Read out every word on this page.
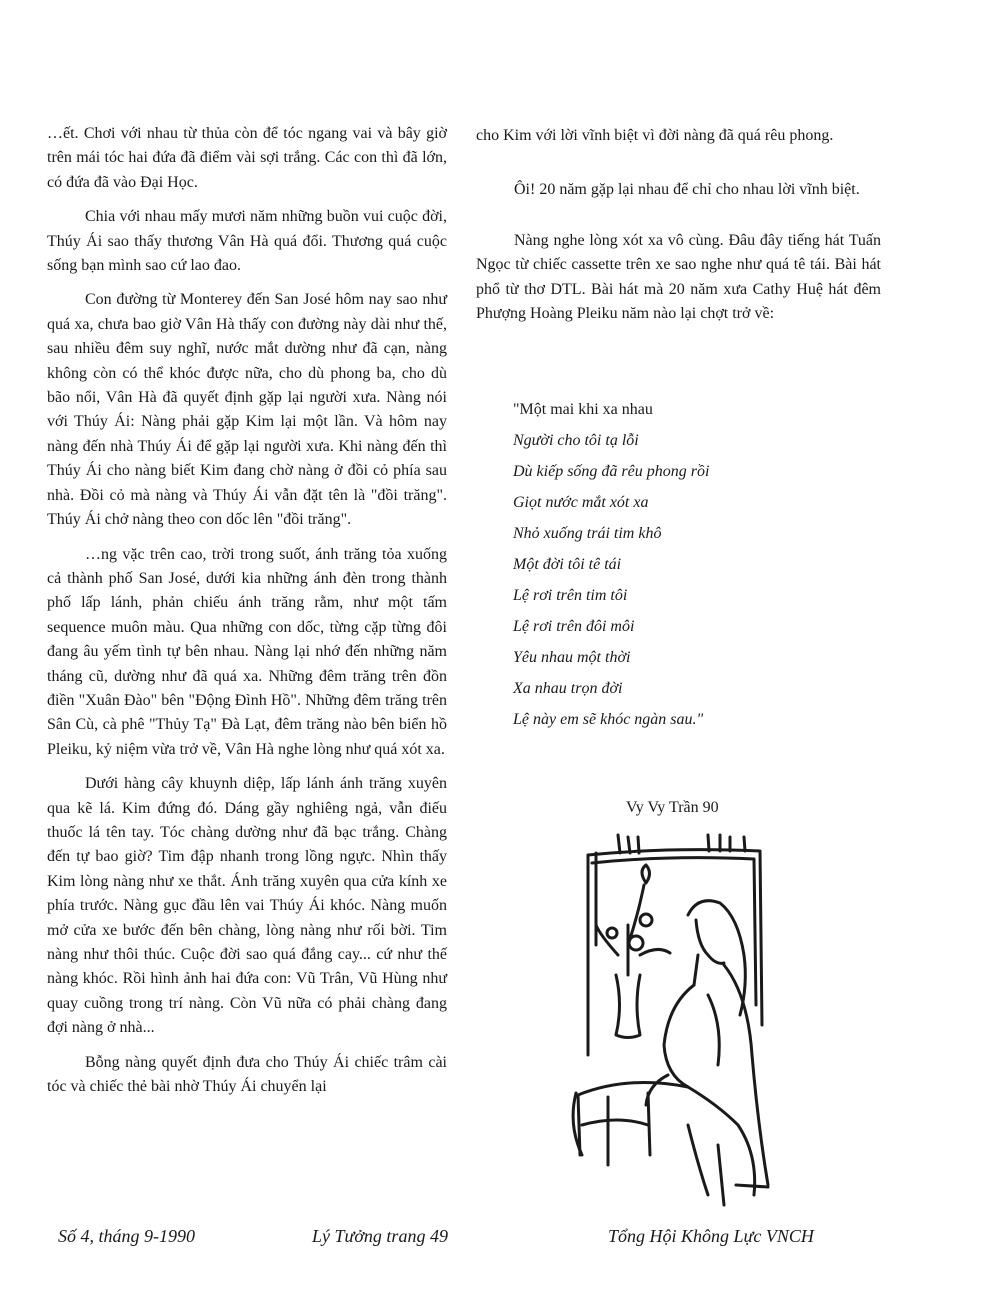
…ết. Chơi với nhau từ thủa còn để tóc ngang vai và bây giờ trên mái tóc hai đứa đã điểm vài sợi trắng. Các con thì đã lớn, có đứa đã vào Đại Học.

Chia với nhau mấy mươi năm những buồn vui cuộc đời, Thúy Ái sao thấy thương Vân Hà quá đổi. Thương quá cuộc sống bạn mình sao cứ lao đao.

Con đường từ Monterey đến San José hôm nay sao như quá xa, chưa bao giờ Vân Hà thấy con đường này dài như thế, sau nhiều đêm suy nghĩ, nước mắt dường như đã cạn, nàng không còn có thể khóc được nữa, cho dù phong ba, cho dù bão nổi, Vân Hà đã quyết định gặp lại người xưa. Nàng nói với Thúy Ái: Nàng phải gặp Kim lại một lần. Và hôm nay nàng đến nhà Thúy Ái để gặp lại người xưa. Khi nàng đến thì Thúy Ái cho nàng biết Kim đang chờ nàng ở đồi cỏ phía sau nhà. Đồi cỏ mà nàng và Thúy Ái vẫn đặt tên là "đồi trăng". Thúy Ái chở nàng theo con dốc lên "đồi trăng".

…ng vặc trên cao, trời trong suốt, ánh trăng tỏa xuống cả thành phố San José, dưới kia những ánh đèn trong thành phố lấp lánh, phản chiếu ánh trăng rằm, như một tấm sequence muôn màu. Qua những con dốc, từng cặp từng đôi đang âu yếm tình tự bên nhau. Nàng lại nhớ đến những năm tháng cũ, dường như đã quá xa. Những đêm trăng trên đồn điền "Xuân Đào" bên "Động Đình Hồ". Những đêm trăng trên Sân Cù, cà phê "Thủy Tạ" Đà Lạt, đêm trăng nào bên biển hồ Pleiku, kỷ niệm vừa trở về, Vân Hà nghe lòng như quá xót xa.

Dưới hàng cây khuynh diệp, lấp lánh ánh trăng xuyên qua kẽ lá. Kim đứng đó. Dáng gầy nghiêng ngả, vẫn điếu thuốc lá tên tay. Tóc chàng dường như đã bạc trắng. Chàng đến tự bao giờ? Tim đập nhanh trong lồng ngực. Nhìn thấy Kim lòng nàng như xe thắt. Ánh trăng xuyên qua cửa kính xe phía trước. Nàng gục đầu lên vai Thúy Ái khóc. Nàng muốn mở cửa xe bước đến bên chàng, lòng nàng như rối bời. Tim nàng như thôi thúc. Cuộc đời sao quá đắng cay... cứ như thế nàng khóc. Rồi hình ảnh hai đứa con: Vũ Trân, Vũ Hùng như quay cuồng trong trí nàng. Còn Vũ nữa có phải chàng đang đợi nàng ở nhà...

Bỗng nàng quyết định đưa cho Thúy Ái chiếc trâm cài tóc và chiếc thẻ bài nhờ Thúy Ái chuyển lại

cho Kim với lời vĩnh biệt vì đời nàng đã quá rêu phong.

Ôi! 20 năm gặp lại nhau để chỉ cho nhau lời vĩnh biệt.

Nàng nghe lòng xót xa vô cùng. Đâu đây tiếng hát Tuấn Ngọc từ chiếc cassette trên xe sao nghe như quá tê tái. Bài hát phổ từ thơ DTL. Bài hát mà 20 năm xưa Cathy Huệ hát đêm Phượng Hoàng Pleiku năm nào lại chợt trở về:

"Một mai khi xa nhau
Người cho tôi tạ lỗi
Dù kiếp sống đã rêu phong rồi
Giọt nước mắt xót xa
Nhỏ xuống trái tim khô
Một đời tôi tê tái
Lệ rơi trên tim tôi
Lệ rơi trên đôi môi
Yêu nhau một thời
Xa nhau trọn đời
Lệ này em sẽ khóc ngàn sau."
Vy Vy Trần 90
Số 4, tháng 9-1990	Lý Tưởng trang 49	Tổng Hội Không Lực VNCH
